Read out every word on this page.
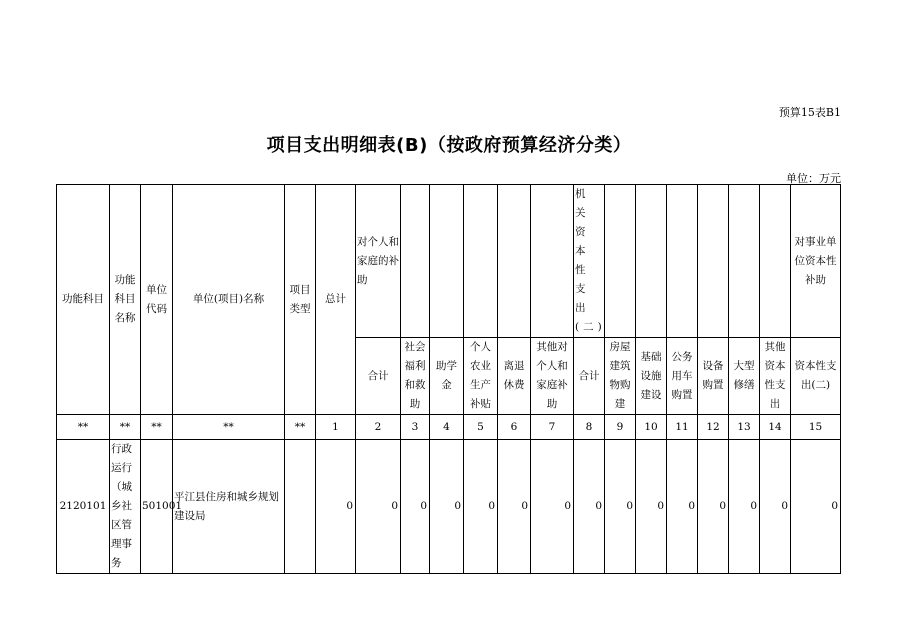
预算15表B1
项目支出明细表(B)（按政府预算经济分类）
单位：万元
功能科目	功能科目名称	单位代码	单位(项目)名称	项目类型	总计	对个人和家庭的补助						机关资本性支出(二)							对事业单位资本性补助
						合计	社会福利和救助	助学金	个人农业生产补贴	离退休费	其他对个人和家庭补助	合计	房屋建筑物购建	基础设施建设	公务用车购置	设备购置	大型修缮	其他资本性支出	资本性支出(二)
**	**	**	**	**	1	2	3	4	5	6	7	8	9	10	11	12	13	14	15
2120101	行政运行（城乡社区管理事务	501001	平江县住房和城乡规划建设局		0	0	0	0	0	0	0	0	0	0	0	0	0	0	0
